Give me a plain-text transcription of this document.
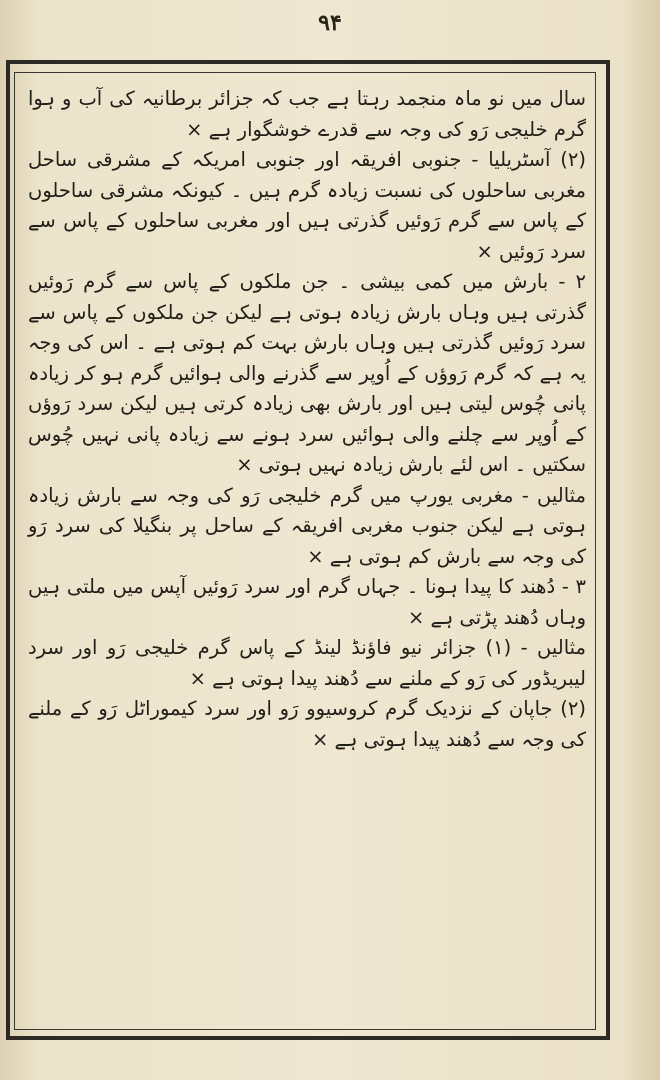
۹۴

سال میں نو ماہ منجمد رہتا ہے جب کہ جزائر برطانیہ کی آب و ہوا گرم خلیجی رَو کی وجہ سے قدرے خوشگوار ہے ×

(۲) آسٹریلیا - جنوبی افریقہ اور جنوبی امریکہ کے مشرقی ساحل مغربی ساحلوں کی نسبت زیادہ گرم ہیں ۔ کیونکہ مشرقی ساحلوں کے پاس سے گرم رَوئیں گذرتی ہیں اور مغربی ساحلوں کے پاس سے سرد رَوئیں ×

۲ - بارش میں کمی بیشی ۔ جن ملکوں کے پاس سے گرم رَوئیں گذرتی ہیں وہاں بارش زیادہ ہوتی ہے لیکن جن ملکوں کے پاس سے سرد رَوئیں گذرتی ہیں وہاں بارش بہت کم ہوتی ہے ۔ اس کی وجہ یہ ہے کہ گرم رَوؤں کے اُوپر سے گذرنے والی ہوائیں گرم ہو کر زیادہ پانی چُوس لیتی ہیں اور بارش بھی زیادہ کرتی ہیں لیکن سرد رَوؤں کے اُوپر سے چلنے والی ہوائیں سرد ہونے سے زیادہ پانی نہیں چُوس سکتیں ۔ اس لئے بارش زیادہ نہیں ہوتی ×

مثالیں - مغربی یورپ میں گرم خلیجی رَو کی وجہ سے بارش زیادہ ہوتی ہے لیکن جنوب مغربی افریقہ کے ساحل پر بنگیلا کی سرد رَو کی وجہ سے بارش کم ہوتی ہے ×

۳ - دُھند کا پیدا ہونا ۔ جہاں گرم اور سرد رَوئیں آپس میں ملتی ہیں وہاں دُھند پڑتی ہے ×

مثالیں - (۱) جزائر نیو فاؤنڈ لینڈ کے پاس گرم خلیجی رَو اور سرد لیبریڈور کی رَو کے ملنے سے دُھند پیدا ہوتی ہے ×

(۲) جاپان کے نزدیک گرم کروسیوو رَو اور سرد کیموراٹل رَو کے ملنے کی وجہ سے دُھند پیدا ہوتی ہے ×
